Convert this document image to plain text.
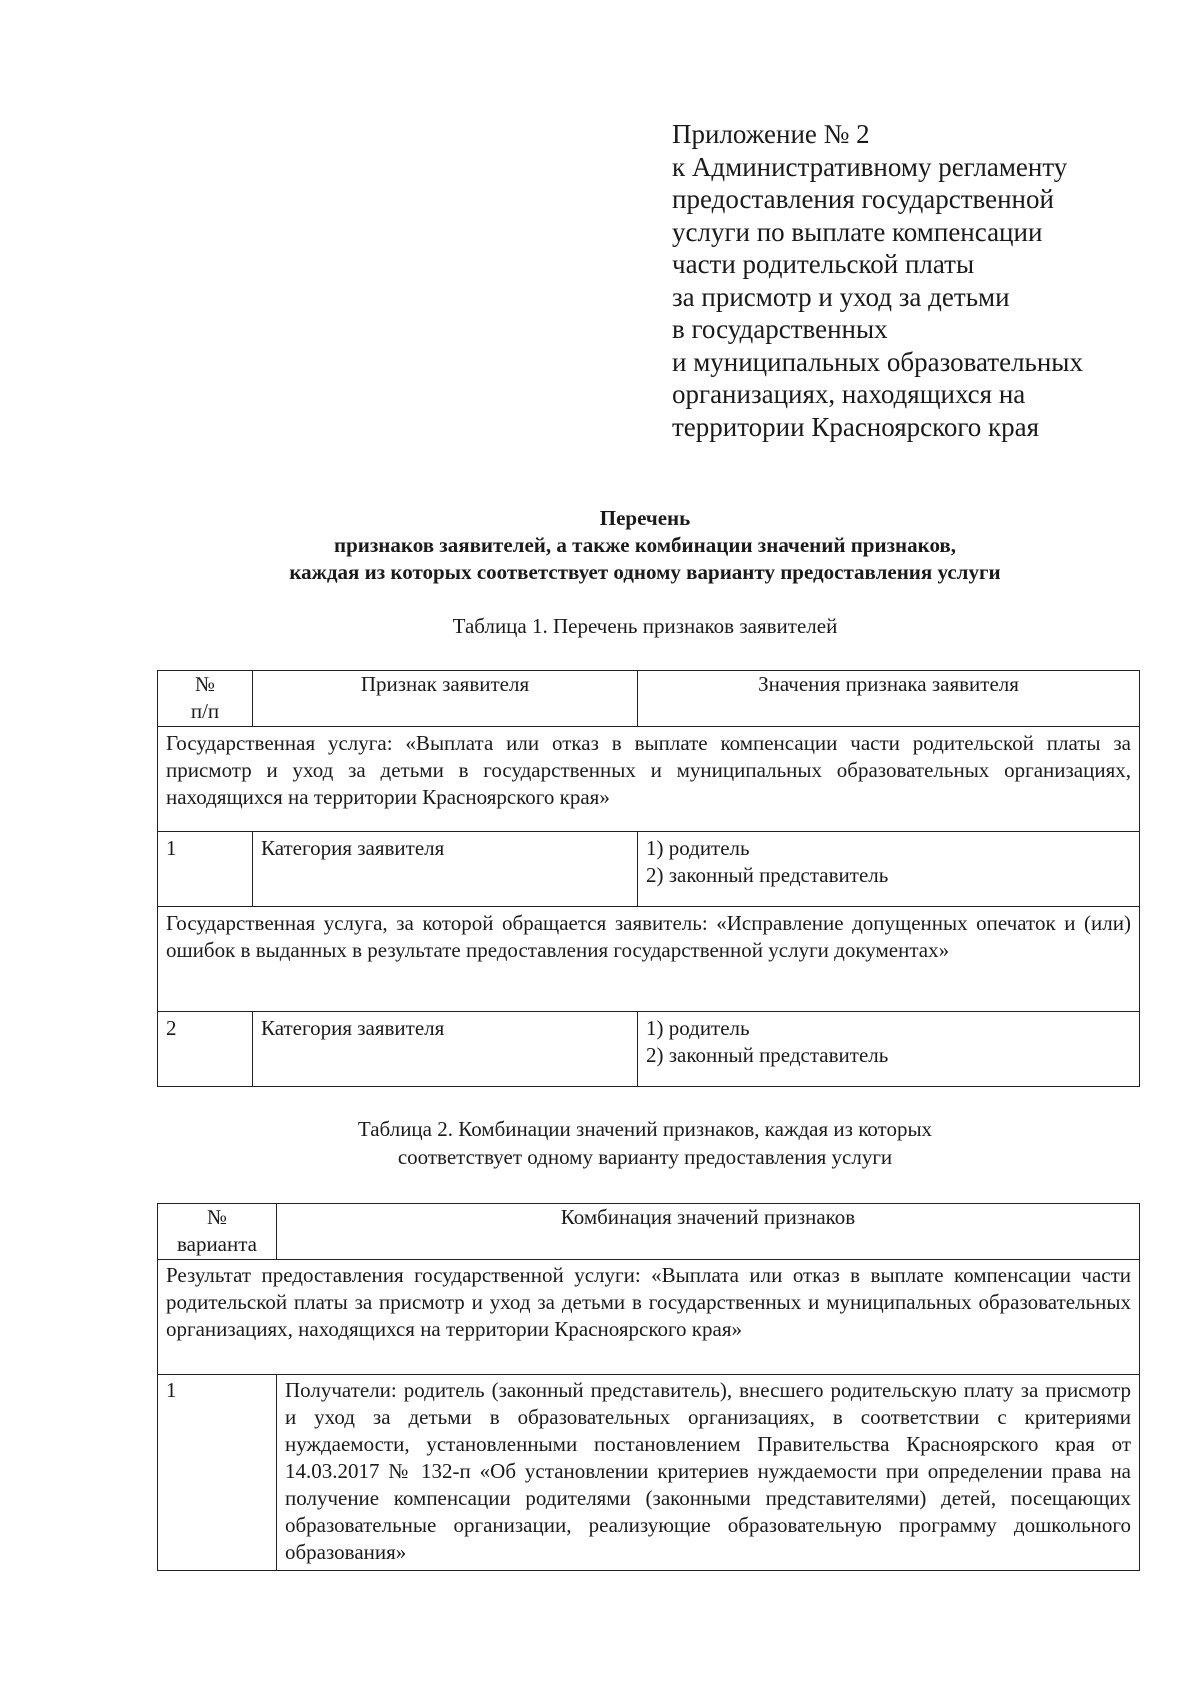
Приложение № 2
к Административному регламенту
предоставления государственной
услуги по выплате компенсации
части родительской платы
за присмотр и уход за детьми
в государственных
и муниципальных образовательных
организациях, находящихся на
территории Красноярского края
Перечень
признаков заявителей, а также комбинации значений признаков,
каждая из которых соответствует одному варианту предоставления услуги
Таблица 1. Перечень признаков заявителей
№
п/п	Признак заявителя	Значения признака заявителя
Государственная услуга: «Выплата или отказ в выплате компенсации части родительской платы за присмотр и уход за детьми в государственных и муниципальных образовательных организациях, находящихся на территории Красноярского края»		
1	Категория заявителя	1) родитель
2) законный представитель

Государственная услуга, за которой обращается заявитель: «Исправление допущенных опечаток и (или) ошибок в выданных в результате предоставления государственной услуги документах»		
2	Категория заявителя	1) родитель
2) законный представитель
Таблица 2. Комбинации значений признаков, каждая из которых
соответствует одному варианту предоставления услуги
№
варианта	Комбинация значений признаков
Результат предоставления государственной услуги: «Выплата или отказ в выплате компенсации части родительской платы за присмотр и уход за детьми в государственных и муниципальных образовательных организациях, находящихся на территории Красноярского края»	
1	Получатели: родитель (законный представитель), внесшего родительскую плату за присмотр и уход за детьми в образовательных организациях, в соответствии с критериями нуждаемости, установленными постановлением Правительства Красноярского края от 14.03.2017 № 132-п «Об установлении критериев нуждаемости при определении права на получение компенсации родителями (законными представителями) детей, посещающих образовательные организации, реализующие образовательную программу дошкольного образования»
